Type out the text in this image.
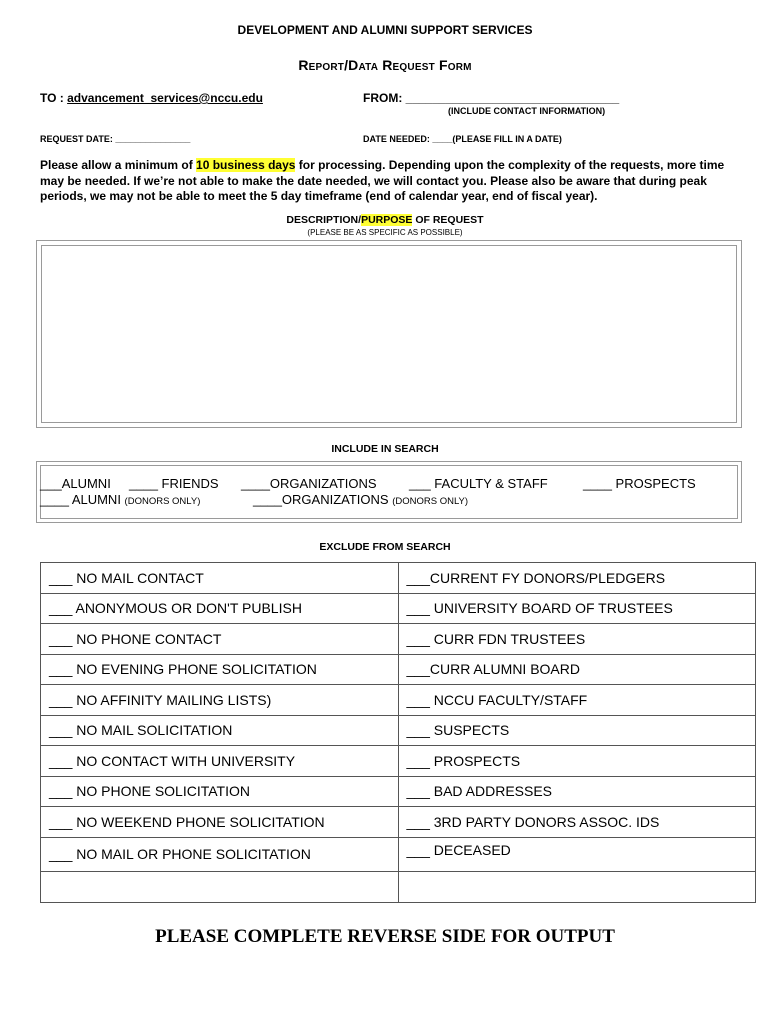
DEVELOPMENT AND ALUMNI SUPPORT SERVICES
Report/Data Request Form
TO : advancement_services@nccu.edu	FROM: ________________________________
(INCLUDE CONTACT INFORMATION)
REQUEST DATE: _______________	DATE NEEDED: ____(PLEASE FILL IN A DATE)
Please allow a minimum of 10 business days for processing. Depending upon the complexity of the requests, more time may be needed. If we’re not able to make the date needed, we will contact you. Please also be aware that during peak periods, we may not be able to meet the 5 day timeframe (end of calendar year, end of fiscal year).
DESCRIPTION/PURPOSE OF REQUEST
(PLEASE BE AS SPECIFIC AS POSSIBLE)
INCLUDE IN SEARCH
___ALUMNI ____ FRIENDS ____ORGANIZATIONS ___ FACULTY & STAFF	____ PROSPECTS
____ ALUMNI (DONORS ONLY)	____ORGANIZATIONS (DONORS ONLY)
EXCLUDE FROM SEARCH
___ NO MAIL CONTACT	___CURRENT FY DONORS/PLEDGERS
___ ANONYMOUS OR DON'T PUBLISH	___ UNIVERSITY BOARD OF TRUSTEES
___ NO PHONE CONTACT	___ CURR FDN TRUSTEES
___ NO EVENING PHONE SOLICITATION	___CURR ALUMNI BOARD
___ NO AFFINITY MAILING LISTS)	___ NCCU FACULTY/STAFF
___ NO MAIL SOLICITATION	___ SUSPECTS
___ NO CONTACT WITH UNIVERSITY	___ PROSPECTS
___ NO PHONE SOLICITATION	___ BAD ADDRESSES
___ NO WEEKEND PHONE SOLICITATION	___ 3RD PARTY DONORS ASSOC. IDS
___ NO MAIL OR PHONE SOLICITATION	___ DECEASED

PLEASE COMPLETE REVERSE SIDE FOR OUTPUT
